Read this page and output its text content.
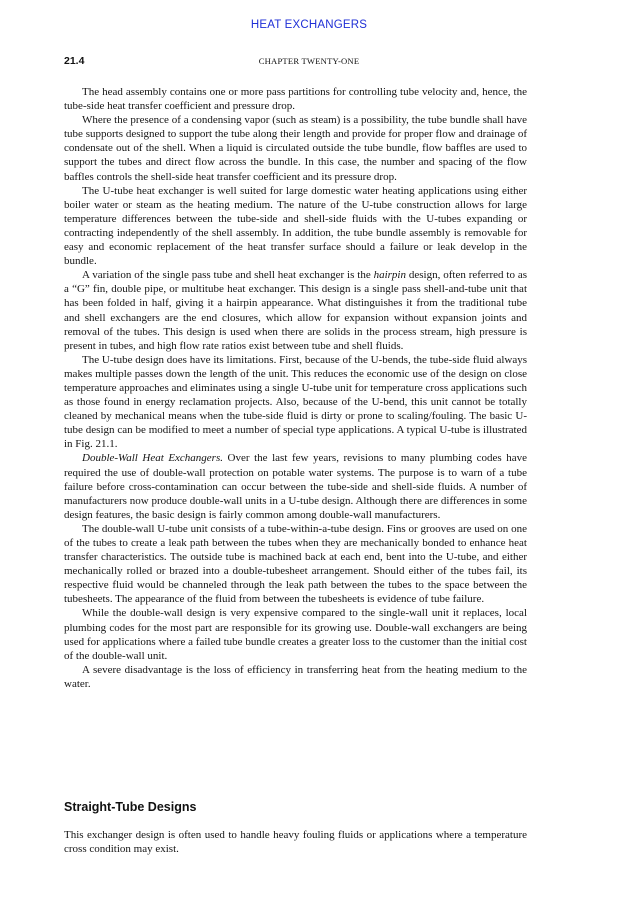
HEAT EXCHANGERS
21.4	CHAPTER TWENTY-ONE

The head assembly contains one or more pass partitions for controlling tube velocity and, hence, the tube-side heat transfer coefficient and pressure drop.

Where the presence of a condensing vapor (such as steam) is a possibility, the tube bundle shall have tube supports designed to support the tube along their length and provide for proper flow and drainage of condensate out of the shell. When a liquid is circulated outside the tube bundle, flow baffles are used to support the tubes and direct flow across the bundle. In this case, the number and spacing of the flow baffles controls the shell-side heat transfer coefficient and its pressure drop.

The U-tube heat exchanger is well suited for large domestic water heating applications using either boiler water or steam as the heating medium. The nature of the U-tube construction allows for large temperature differences between the tube-side and shell-side fluids with the U-tubes expanding or contracting independently of the shell assembly. In addition, the tube bundle assembly is removable for easy and economic replacement of the heat transfer surface should a failure or leak develop in the bundle.

A variation of the single pass tube and shell heat exchanger is the hairpin design, often referred to as a “G” fin, double pipe, or multitube heat exchanger. This design is a single pass shell-and-tube unit that has been folded in half, giving it a hairpin appearance. What distinguishes it from the traditional tube and shell exchangers are the end closures, which allow for expansion without expansion joints and removal of the tubes. This design is used when there are solids in the process stream, high pressure is present in tubes, and high flow rate ratios exist between tube and shell fluids.

The U-tube design does have its limitations. First, because of the U-bends, the tube-side fluid always makes multiple passes down the length of the unit. This reduces the economic use of the design on close temperature approaches and eliminates using a single U-tube unit for temperature cross applications such as those found in energy reclamation projects. Also, because of the U-bend, this unit cannot be totally cleaned by mechanical means when the tube-side fluid is dirty or prone to scaling/fouling. The basic U-tube design can be modified to meet a number of special type applications. A typical U-tube is illustrated in Fig. 21.1.

Double-Wall Heat Exchangers. Over the last few years, revisions to many plumbing codes have required the use of double-wall protection on potable water systems. The purpose is to warn of a tube failure before cross-contamination can occur between the tube-side and shell-side fluids. A number of manufacturers now produce double-wall units in a U-tube design. Although there are differences in some design features, the basic design is fairly common among double-wall manufacturers.

The double-wall U-tube unit consists of a tube-within-a-tube design. Fins or grooves are used on one of the tubes to create a leak path between the tubes when they are mechanically bonded to enhance heat transfer characteristics. The outside tube is machined back at each end, bent into the U-tube, and either mechanically rolled or brazed into a double-tubesheet arrangement. Should either of the tubes fail, its respective fluid would be channeled through the leak path between the tubes to the space between the tubesheets. The appearance of the fluid from between the tubesheets is evidence of tube failure.

While the double-wall design is very expensive compared to the single-wall unit it replaces, local plumbing codes for the most part are responsible for its growing use. Double-wall exchangers are being used for applications where a failed tube bundle creates a greater loss to the customer than the initial cost of the double-wall unit.

A severe disadvantage is the loss of efficiency in transferring heat from the heating medium to the water.

Straight-Tube Designs

This exchanger design is often used to handle heavy fouling fluids or applications where a temperature cross condition may exist.
